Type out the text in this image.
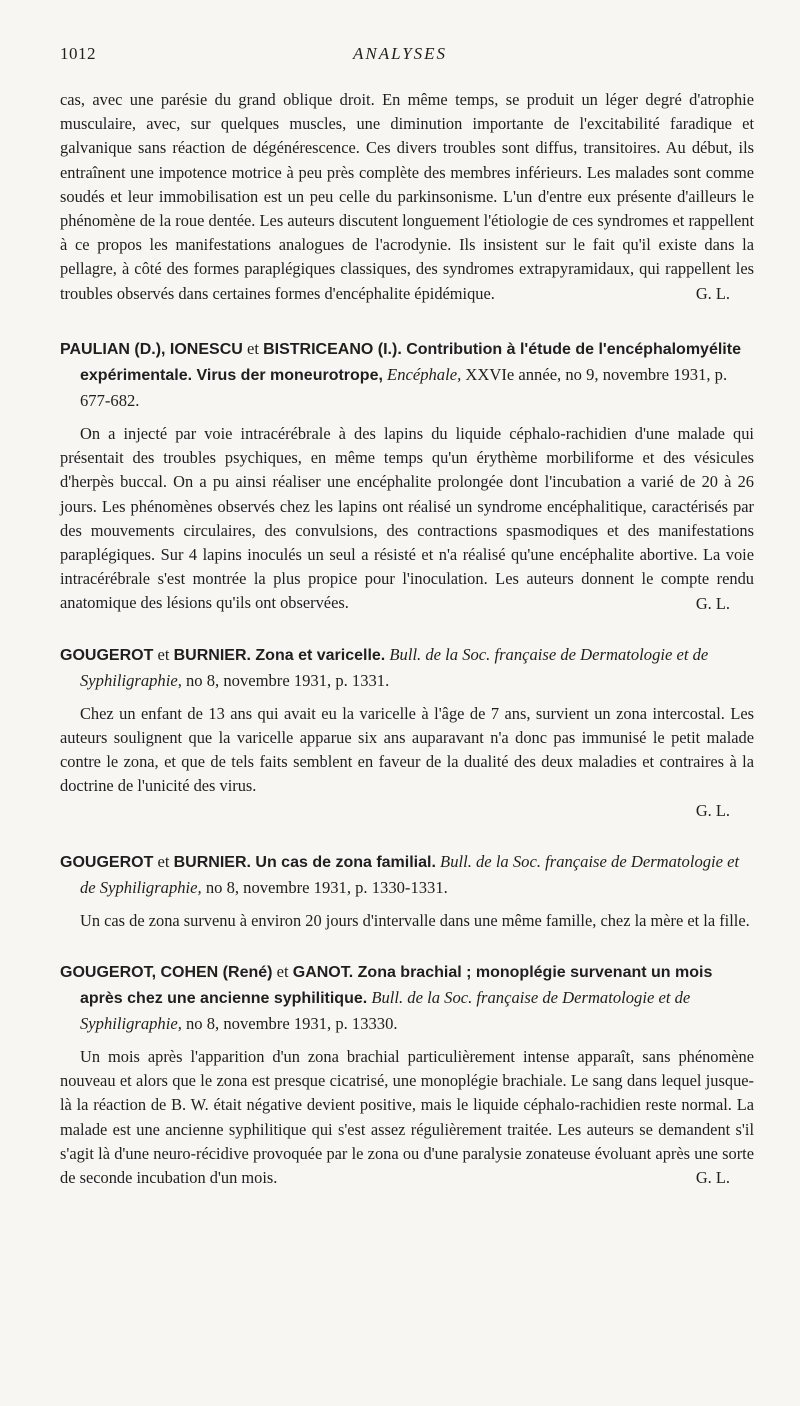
1012	ANALYSES

cas, avec une parésie du grand oblique droit. En même temps, se produit un léger degré d'atrophie musculaire, avec, sur quelques muscles, une diminution importante de l'excitabilité faradique et galvanique sans réaction de dégénérescence. Ces divers troubles sont diffus, transitoires. Au début, ils entraînent une impotence motrice à peu près complète des membres inférieurs. Les malades sont comme soudés et leur immobilisation est un peu celle du parkinsonisme. L'un d'entre eux présente d'ailleurs le phénomène de la roue dentée. Les auteurs discutent longuement l'étiologie de ces syndromes et rappellent à ce propos les manifestations analogues de l'acrodynie. Ils insistent sur le fait qu'il existe dans la pellagre, à côté des formes paraplégiques classiques, des syndromes extrapyramidaux, qui rappellent les troubles observés dans certaines formes d'encéphalite épidémique.	G. L.

PAULIAN (D.), IONESCU et BISTRICEANO (I.). Contribution à l'étude de l'encéphalomyélite expérimentale. Virus der moneurotrope, Encéphale, XXVIe année, no 9, novembre 1931, p. 677-682.

On a injecté par voie intracérébrale à des lapins du liquide céphalo-rachidien d'une malade qui présentait des troubles psychiques, en même temps qu'un érythème morbiliforme et des vésicules d'herpès buccal. On a pu ainsi réaliser une encéphalite prolongée dont l'incubation a varié de 20 à 26 jours. Les phénomènes observés chez les lapins ont réalisé un syndrome encéphalitique, caractérisés par des mouvements circulaires, des convulsions, des contractions spasmodiques et des manifestations paraplégiques. Sur 4 lapins inoculés un seul a résisté et n'a réalisé qu'une encéphalite abortive. La voie intracérébrale s'est montrée la plus propice pour l'inoculation. Les auteurs donnent le compte rendu anatomique des lésions qu'ils ont observées.	G. L.

GOUGEROT et BURNIER. Zona et varicelle. Bull. de la Soc. française de Dermatologie et de Syphiligraphie, no 8, novembre 1931, p. 1331.

Chez un enfant de 13 ans qui avait eu la varicelle à l'âge de 7 ans, survient un zona intercostal. Les auteurs soulignent que la varicelle apparue six ans auparavant n'a donc pas immunisé le petit malade contre le zona, et que de tels faits semblent en faveur de la dualité des deux maladies et contraires à la doctrine de l'unicité des virus.

G. L.

GOUGEROT et BURNIER. Un cas de zona familial. Bull. de la Soc. française de Dermatologie et de Syphiligraphie, no 8, novembre 1931, p. 1330-1331.

Un cas de zona survenu à environ 20 jours d'intervalle dans une même famille, chez la mère et la fille.

GOUGEROT, COHEN (René) et GANOT. Zona brachial ; monoplégie survenant un mois après chez une ancienne syphilitique. Bull. de la Soc. française de Dermatologie et de Syphiligraphie, no 8, novembre 1931, p. 13330.

Un mois après l'apparition d'un zona brachial particulièrement intense apparaît, sans phénomène nouveau et alors que le zona est presque cicatrisé, une monoplégie brachiale. Le sang dans lequel jusque-là la réaction de B. W. était négative devient positive, mais le liquide céphalo-rachidien reste normal. La malade est une ancienne syphilitique qui s'est assez régulièrement traitée. Les auteurs se demandent s'il s'agit là d'une neuro-récidive provoquée par le zona ou d'une paralysie zonateuse évoluant après une sorte de seconde incubation d'un mois.	G. L.
